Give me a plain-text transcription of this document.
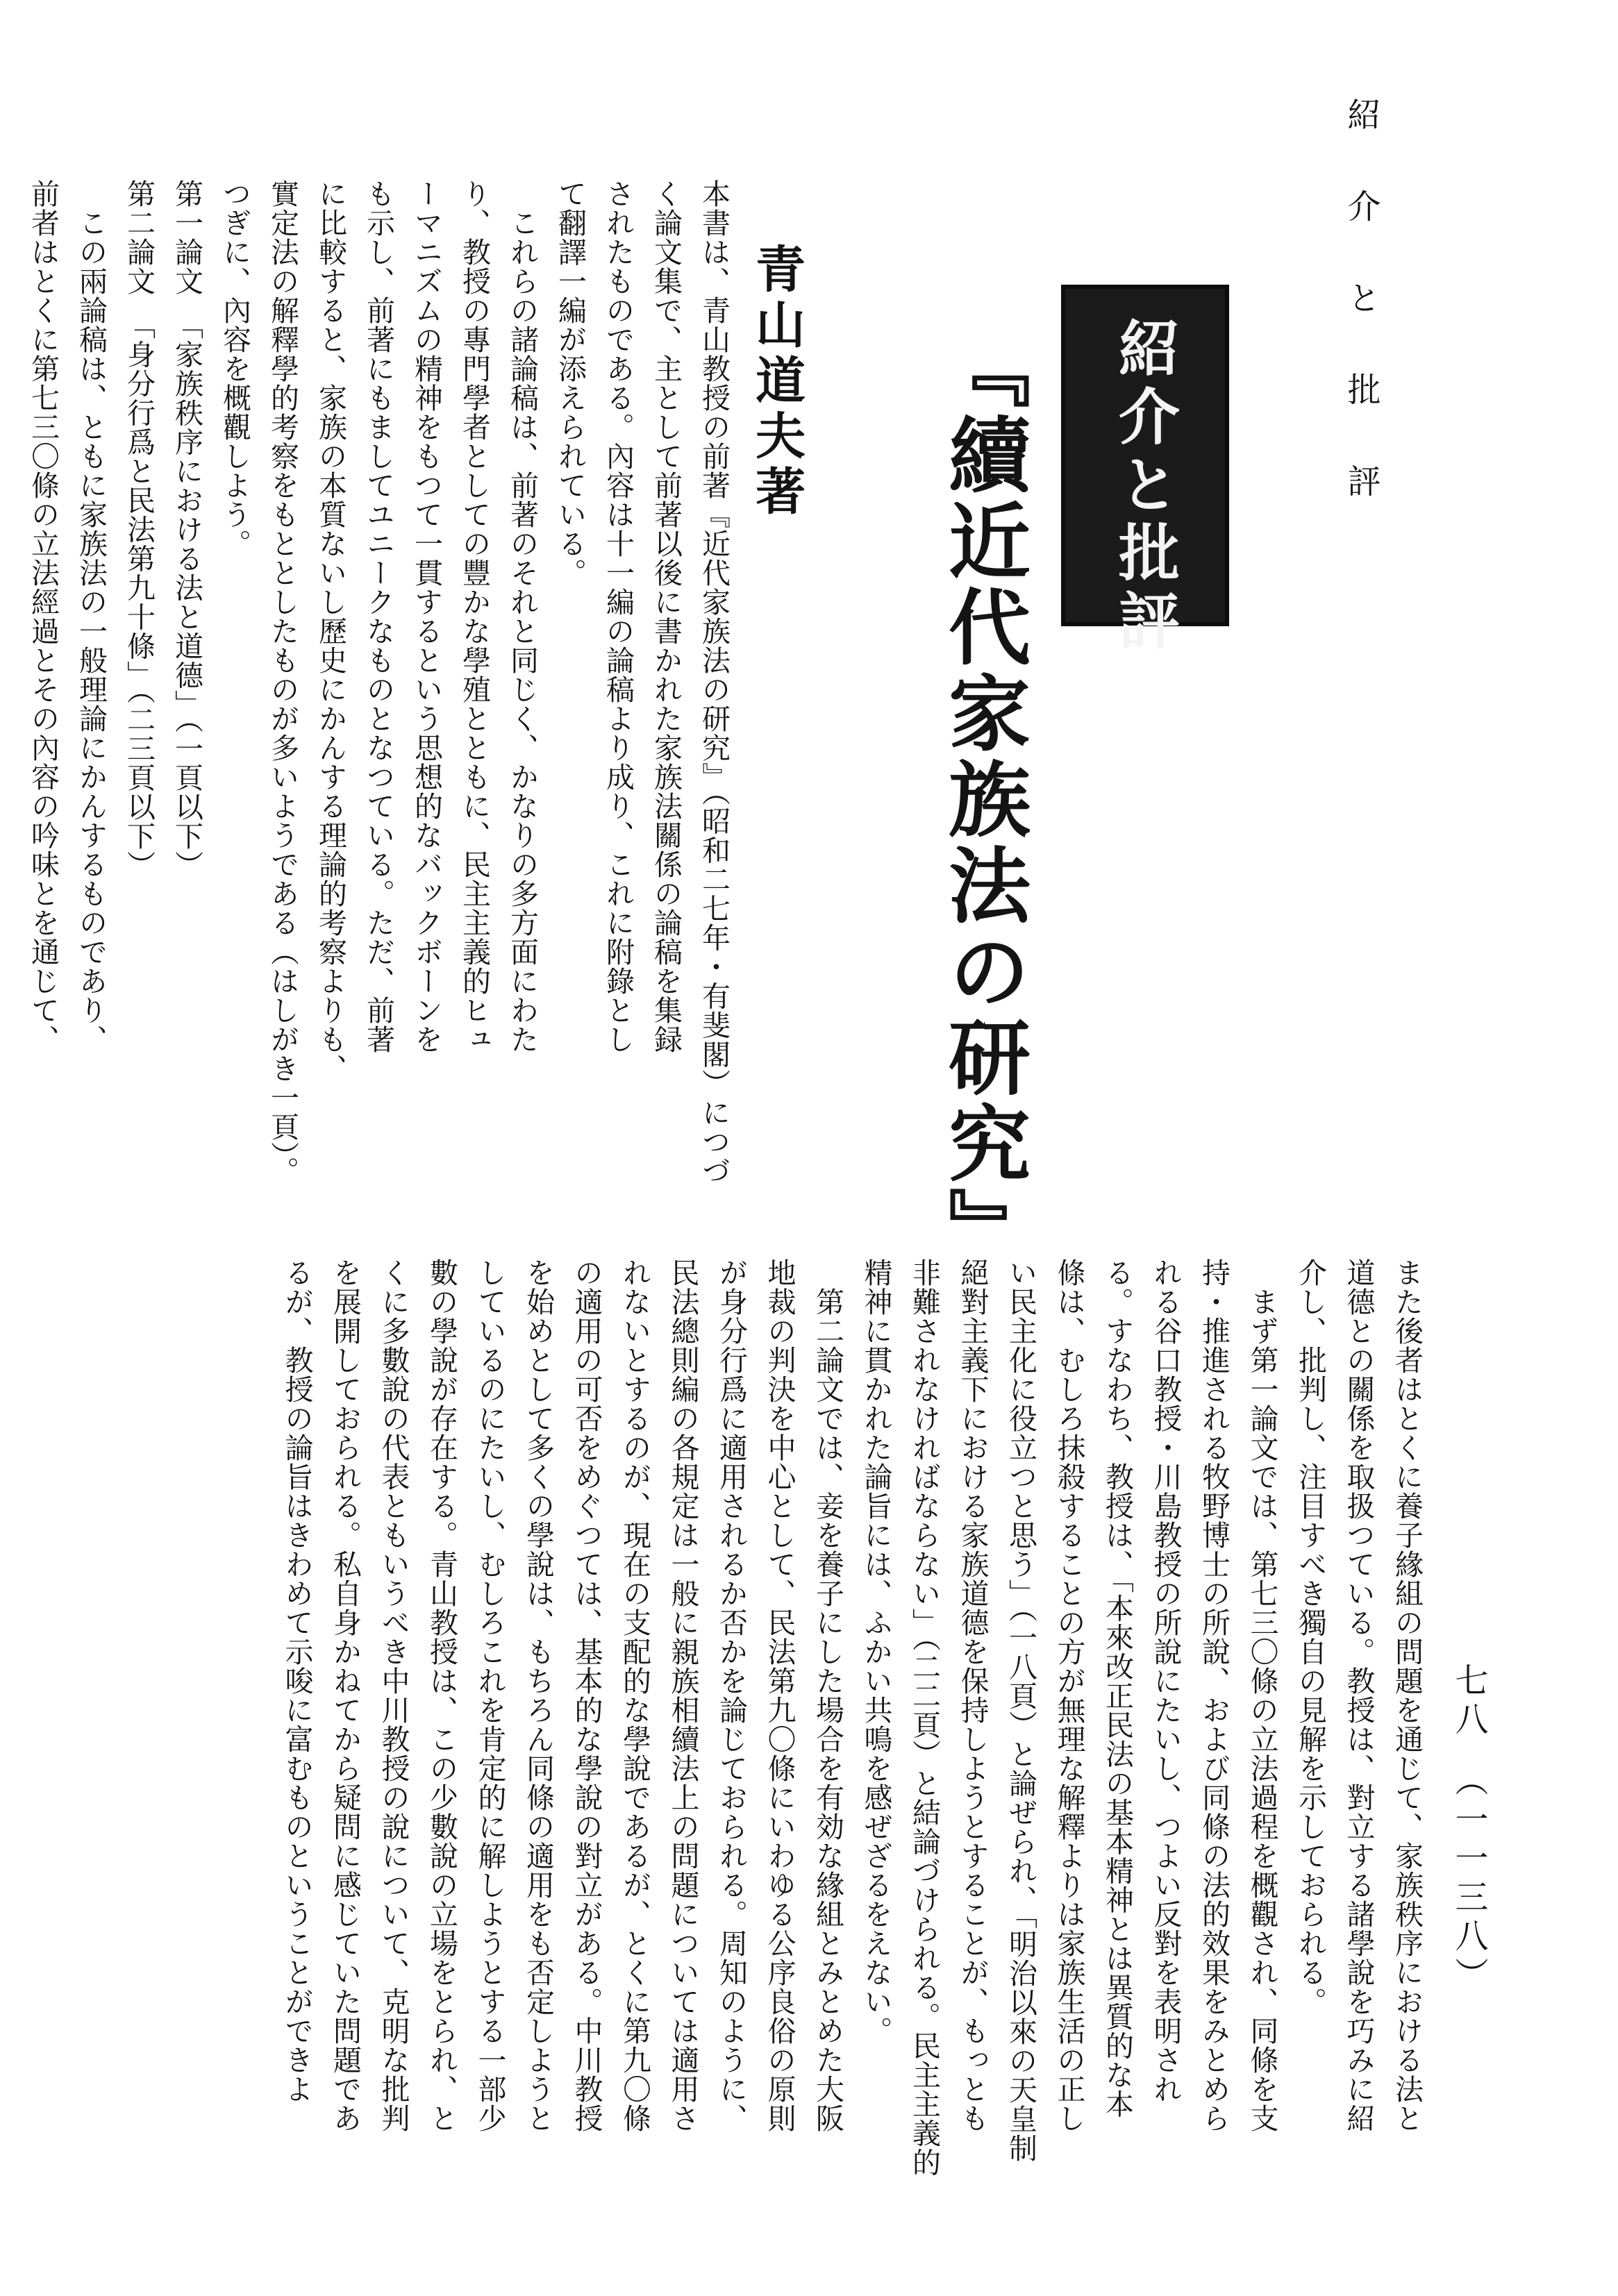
紹 介 と 批 評
紹介と批評
『續近代家族法の研究』
青山道夫著

本書は、青山教授の前著『近代家族法の研究』（昭和二七年・有斐閣）につづ
く論文集で、主として前著以後に書かれた家族法關係の論稿を集録
されたものである。內容は十一編の論稿より成り、これに附錄とし
て翻譯一編が添えられている。
　これらの諸論稿は、前著のそれと同じく、かなりの多方面にわた
り、教授の專門學者としての豐かな學殖とともに、民主主義的ヒュ
ーマニズムの精神をもつて一貫するという思想的なバックボーンを
も示し、前著にもましてユニークなものとなつている。ただ、前著
に比較すると、家族の本質ないし歷史にかんする理論的考察よりも、
實定法の解釋學的考察をもととしたものが多いようである（はしがき一頁）。
つぎに、內容を概觀しよう。
第一論文　「家族秩序における法と道德」（一頁以下）
第二論文　「身分行爲と民法第九十條」（二三頁以下）
　この兩論稿は、ともに家族法の一般理論にかんするものであり、
前者はとくに第七三〇條の立法經過とその內容の吟味とを通じて、

七八　（一一三八）

また後者はとくに養子緣組の問題を通じて、家族秩序における法と
道德との關係を取扱つている。教授は、對立する諸學說を巧みに紹
介し、批判し、注目すべき獨自の見解を示しておられる。
　まず第一論文では、第七三〇條の立法過程を概觀され、同條を支
持・推進される牧野博士の所說、および同條の法的效果をみとめら
れる谷口教授・川島教授の所說にたいし、つよい反對を表明され
る。すなわち、教授は、「本來改正民法の基本精神とは異質的な本
條は、むしろ抹殺することの方が無理な解釋よりは家族生活の正し
い民主化に役立つと思う」（一八頁）と論ぜられ、「明治以來の天皇制
絕對主義下における家族道德を保持しようとすることが、もっとも
非難されなければならない」（二二頁）と結論づけられる。民主主義的
精神に貫かれた論旨には、ふかい共鳴を感ぜざるをえない。
　第二論文では、妾を養子にした場合を有効な緣組とみとめた大阪
地裁の判決を中心として、民法第九〇條にいわゆる公序良俗の原則
が身分行爲に適用されるか否かを論じておられる。周知のように、
民法總則編の各規定は一般に親族相續法上の問題については適用さ
れないとするのが、現在の支配的な學說であるが、とくに第九〇條
の適用の可否をめぐつては、基本的な學說の對立がある。中川教授
を始めとして多くの學說は、もちろん同條の適用をも否定しようと
しているのにたいし、むしろこれを肯定的に解しようとする一部少
數の學說が存在する。青山教授は、この少數說の立場をとられ、と
くに多數說の代表ともいうべき中川教授の說について、克明な批判
を展開しておられる。私自身かねてから疑問に感じていた問題であ
るが、教授の論旨はきわめて示唆に富むものということができよ
